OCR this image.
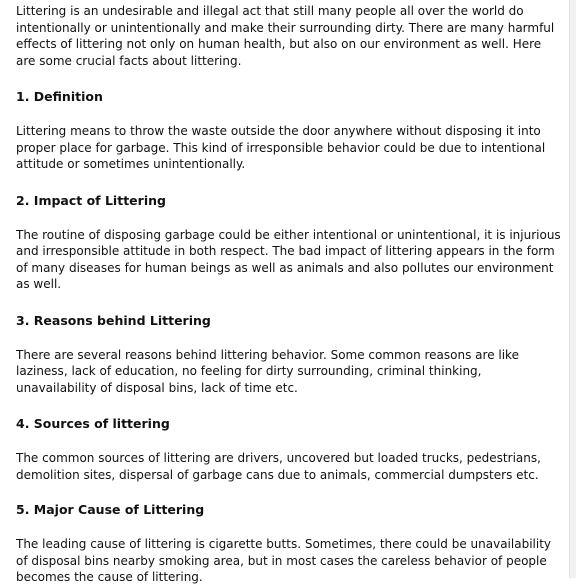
Littering is an undesirable and illegal act that still many people all over the world do intentionally or unintentionally and make their surrounding dirty. There are many harmful effects of littering not only on human health, but also on our environment as well. Here are some crucial facts about littering.

1. Definition

Littering means to throw the waste outside the door anywhere without disposing it into proper place for garbage. This kind of irresponsible behavior could be due to intentional attitude or sometimes unintentionally.

2. Impact of Littering

The routine of disposing garbage could be either intentional or unintentional, it is injurious and irresponsible attitude in both respect. The bad impact of littering appears in the form of many diseases for human beings as well as animals and also pollutes our environment as well.

3. Reasons behind Littering

There are several reasons behind littering behavior. Some common reasons are like laziness, lack of education, no feeling for dirty surrounding, criminal thinking, unavailability of disposal bins, lack of time etc.

4. Sources of littering

The common sources of littering are drivers, uncovered but loaded trucks, pedestrians, demolition sites, dispersal of garbage cans due to animals, commercial dumpsters etc.

5. Major Cause of Littering

The leading cause of littering is cigarette butts. Sometimes, there could be unavailability of disposal bins nearby smoking area, but in most cases the careless behavior of people becomes the cause of littering.
